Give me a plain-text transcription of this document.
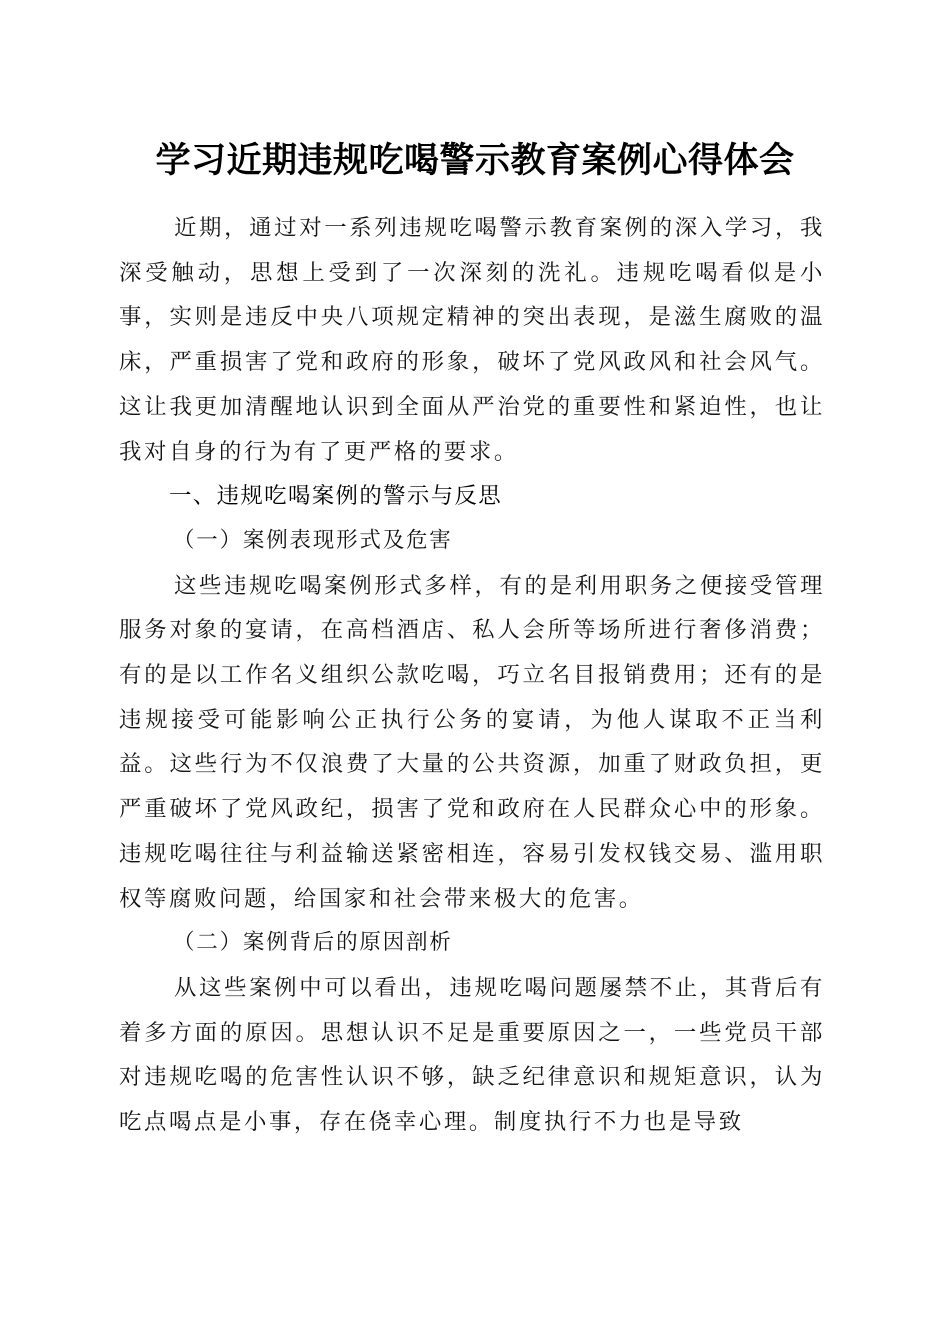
学习近期违规吃喝警示教育案例心得体会

近期，通过对一系列违规吃喝警示教育案例的深入学习，我深受触动，思想上受到了一次深刻的洗礼。违规吃喝看似是小事，实则是违反中央八项规定精神的突出表现，是滋生腐败的温床，严重损害了党和政府的形象，破坏了党风政风和社会风气。这让我更加清醒地认识到全面从严治党的重要性和紧迫性，也让我对自身的行为有了更严格的要求。

一、违规吃喝案例的警示与反思

（一）案例表现形式及危害

这些违规吃喝案例形式多样，有的是利用职务之便接受管理服务对象的宴请，在高档酒店、私人会所等场所进行奢侈消费；有的是以工作名义组织公款吃喝，巧立名目报销费用；还有的是违规接受可能影响公正执行公务的宴请，为他人谋取不正当利益。这些行为不仅浪费了大量的公共资源，加重了财政负担，更严重破坏了党风政纪，损害了党和政府在人民群众心中的形象。违规吃喝往往与利益输送紧密相连，容易引发权钱交易、滥用职权等腐败问题，给国家和社会带来极大的危害。

（二）案例背后的原因剖析

从这些案例中可以看出，违规吃喝问题屡禁不止，其背后有着多方面的原因。思想认识不足是重要原因之一，一些党员干部对违规吃喝的危害性认识不够，缺乏纪律意识和规矩意识，认为吃点喝点是小事，存在侥幸心理。制度执行不力也是导致
